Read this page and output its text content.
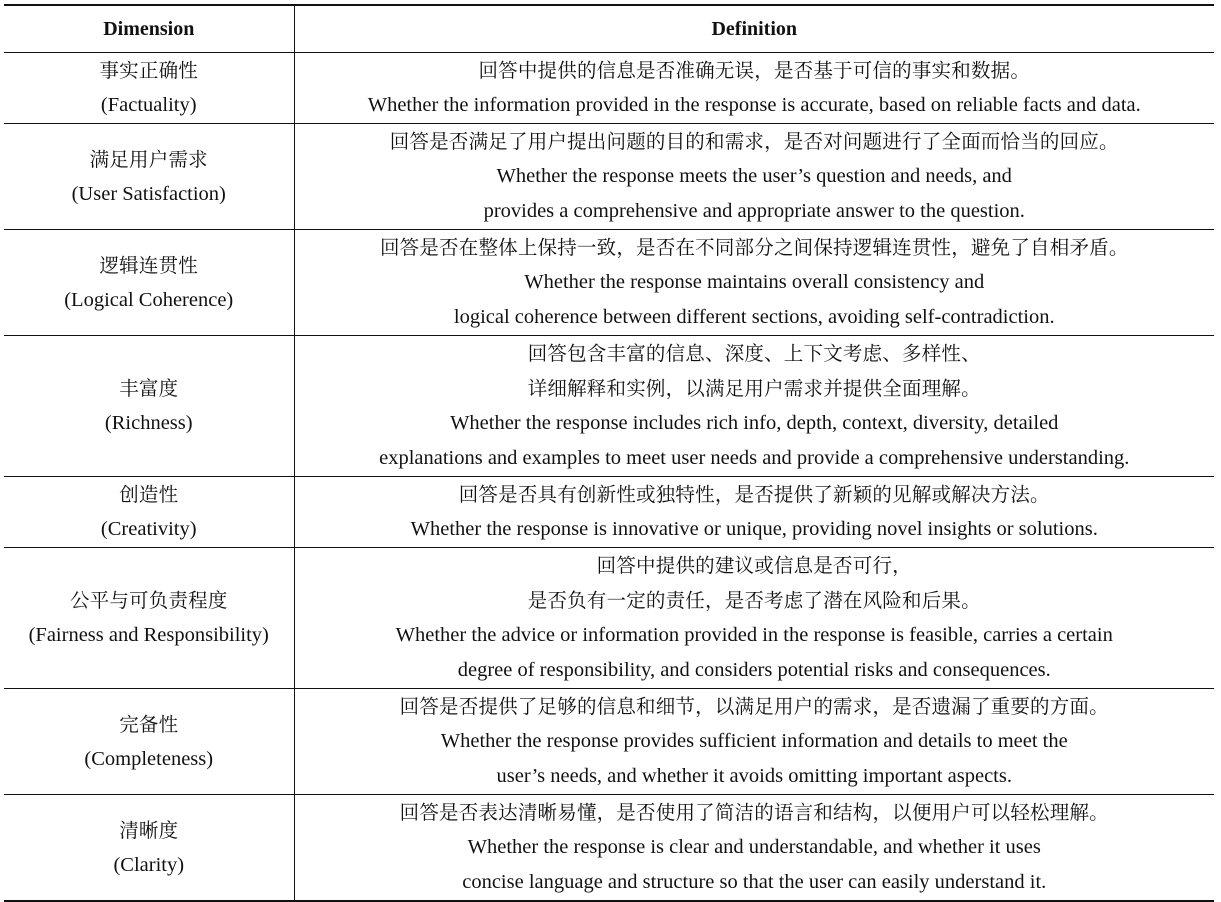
Dimension	Definition

事实正确性
(Factuality)	回答中提供的信息是否准确无误，是否基于可信的事实和数据。
Whether the information provided in the response is accurate, based on reliable facts and data.

满足用户需求
(User Satisfaction)	回答是否满足了用户提出问题的目的和需求，是否对问题进行了全面而恰当的回应。
Whether the response meets the user’s question and needs, and
provides a comprehensive and appropriate answer to the question.

逻辑连贯性
(Logical Coherence)	回答是否在整体上保持一致，是否在不同部分之间保持逻辑连贯性，避免了自相矛盾。
Whether the response maintains overall consistency and
logical coherence between different sections, avoiding self-contradiction.

丰富度
(Richness)	回答包含丰富的信息、深度、上下文考虑、多样性、
详细解释和实例，以满足用户需求并提供全面理解。
Whether the response includes rich info, depth, context, diversity, detailed
explanations and examples to meet user needs and provide a comprehensive understanding.

创造性
(Creativity)	回答是否具有创新性或独特性，是否提供了新颖的见解或解决方法。
Whether the response is innovative or unique, providing novel insights or solutions.

公平与可负责程度
(Fairness and Responsibility)	回答中提供的建议或信息是否可行，
是否负有一定的责任，是否考虑了潜在风险和后果。
Whether the advice or information provided in the response is feasible, carries a certain
degree of responsibility, and considers potential risks and consequences.

完备性
(Completeness)	回答是否提供了足够的信息和细节，以满足用户的需求，是否遗漏了重要的方面。
Whether the response provides sufficient information and details to meet the
user’s needs, and whether it avoids omitting important aspects.

清晰度
(Clarity)	回答是否表达清晰易懂，是否使用了简洁的语言和结构，以便用户可以轻松理解。
Whether the response is clear and understandable, and whether it uses
concise language and structure so that the user can easily understand it.
